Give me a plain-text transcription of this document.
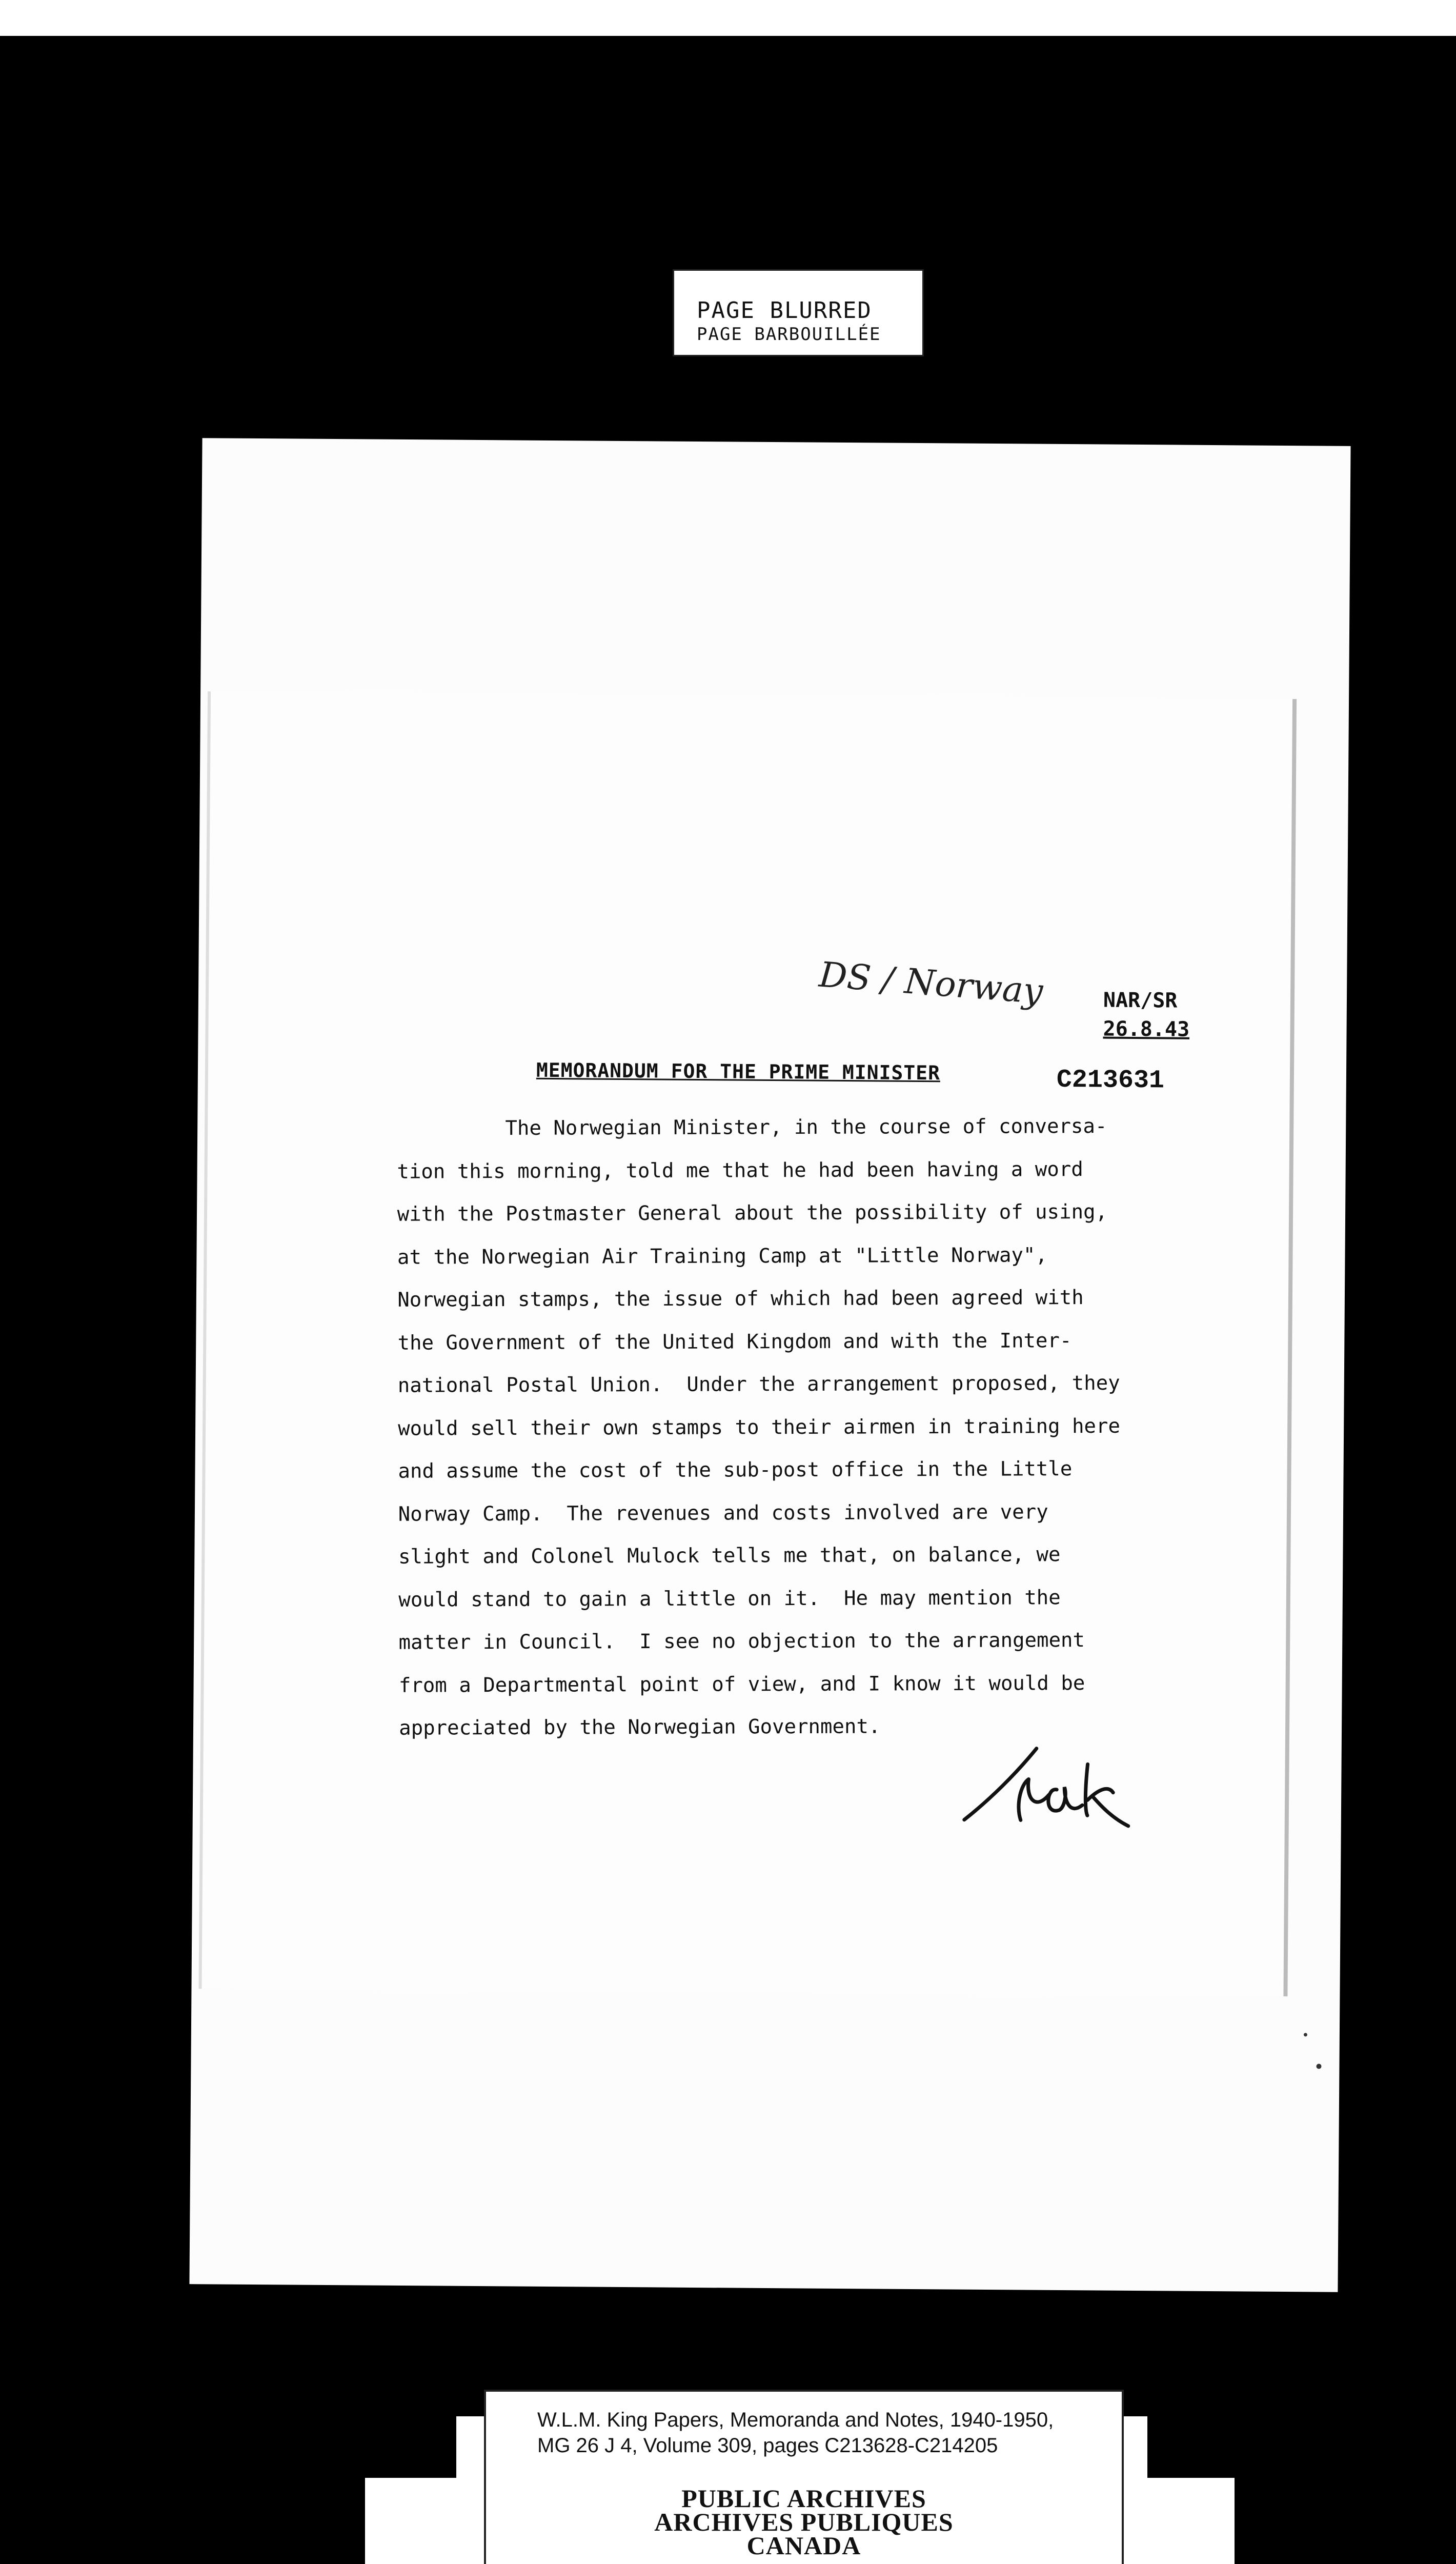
PAGE BLURRED
PAGE BARBOUILLÉE
DS / Norway	NAR/SR
26.8.43
MEMORANDUM FOR THE PRIME MINISTER	C213631
The Norwegian Minister, in the course of conversa-
tion this morning, told me that he had been having a word
with the Postmaster General about the possibility of using,
at the Norwegian Air Training Camp at "Little Norway",
Norwegian stamps, the issue of which had been agreed with
the Government of the United Kingdom and with the Inter-
national Postal Union.  Under the arrangement proposed, they
would sell their own stamps to their airmen in training here
and assume the cost of the sub-post office in the Little
Norway Camp.  The revenues and costs involved are very
slight and Colonel Mulock tells me that, on balance, we
would stand to gain a little on it.  He may mention the
matter in Council.  I see no objection to the arrangement
from a Departmental point of view, and I know it would be
appreciated by the Norwegian Government.
W.L.M. King Papers, Memoranda and Notes, 1940-1950,
MG 26 J 4, Volume 309, pages C213628-C214205
PUBLIC ARCHIVES
ARCHIVES PUBLIQUES
CANADA
